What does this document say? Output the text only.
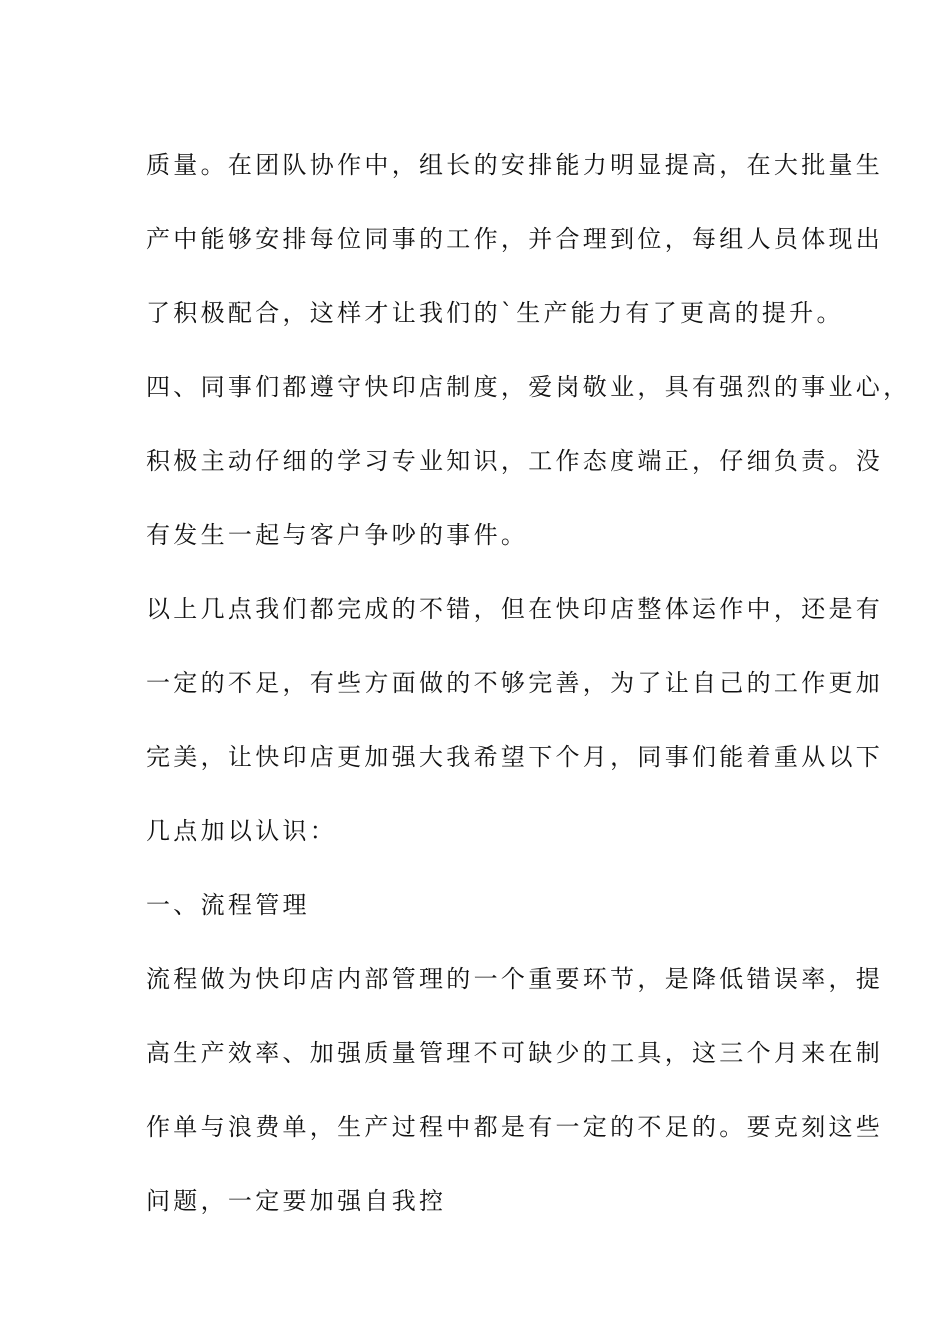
质量。在团队协作中，组长的安排能力明显提高，在大批量生
产中能够安排每位同事的工作，并合理到位，每组人员体现出
了积极配合，这样才让我们的`生产能力有了更高的提升。
四、同事们都遵守快印店制度，爱岗敬业，具有强烈的事业心，
积极主动仔细的学习专业知识，工作态度端正，仔细负责。没
有发生一起与客户争吵的事件。
以上几点我们都完成的不错，但在快印店整体运作中，还是有
一定的不足，有些方面做的不够完善，为了让自己的工作更加
完美，让快印店更加强大我希望下个月，同事们能着重从以下
几点加以认识：
一、流程管理
流程做为快印店内部管理的一个重要环节，是降低错误率，提
高生产效率、加强质量管理不可缺少的工具，这三个月来在制
作单与浪费单，生产过程中都是有一定的不足的。要克刻这些
问题，一定要加强自我控
